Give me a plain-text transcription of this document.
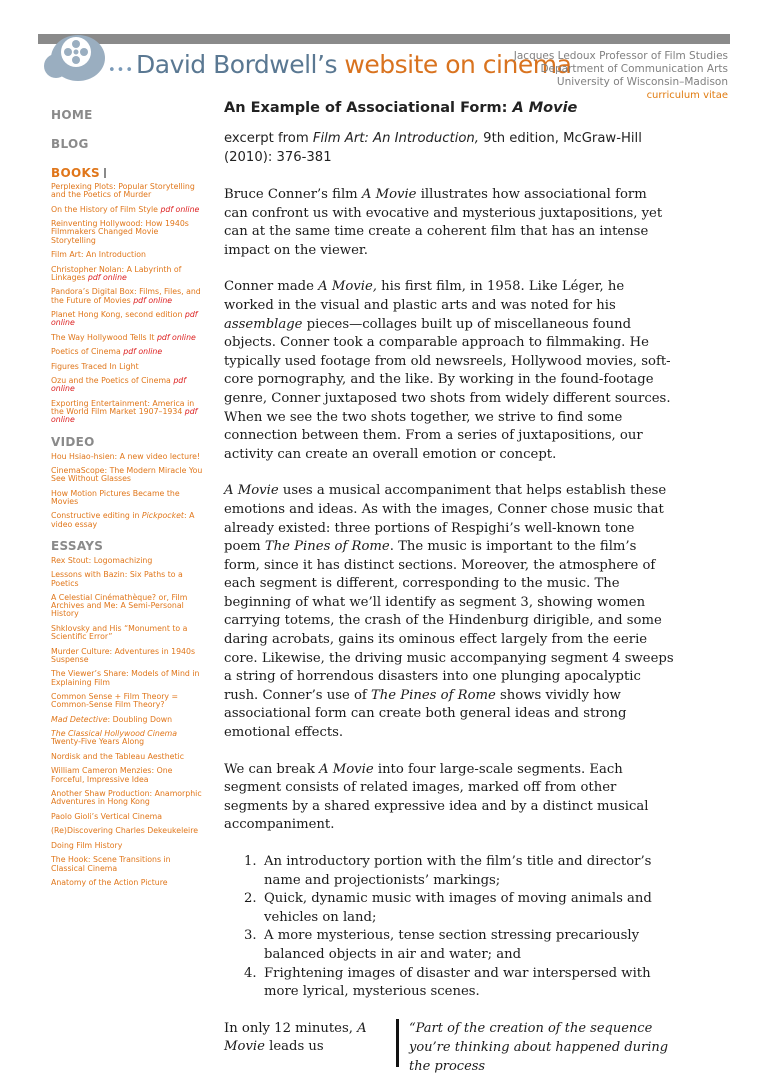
••• David Bordwell’s website on cinema
Jacques Ledoux Professor of Film Studies
Department of Communication Arts
University of Wisconsin–Madison
curriculum vitae
HOME
BLOG
BOOKS
Perplexing Plots: Popular Storytelling and the Poetics of Murder
On the History of Film Style pdf online
Reinventing Hollywood: How 1940s Filmmakers Changed Movie Storytelling
Film Art: An Introduction
Christopher Nolan: A Labyrinth of Linkages pdf online
Pandora’s Digital Box: Films, Files, and the Future of Movies pdf online
Planet Hong Kong, second edition pdf online
The Way Hollywood Tells It pdf online
Poetics of Cinema pdf online
Figures Traced In Light
Ozu and the Poetics of Cinema pdf online
Exporting Entertainment: America in the World Film Market 1907–1934 pdf online
VIDEO
Hou Hsiao-hsien: A new video lecture!
CinemaScope: The Modern Miracle You See Without Glasses
How Motion Pictures Became the Movies
Constructive editing in Pickpocket: A video essay
ESSAYS
Rex Stout: Logomachizing
Lessons with Bazin: Six Paths to a Poetics
A Celestial Cinémathèque? or, Film Archives and Me: A Semi-Personal History
Shklovsky and His “Monument to a Scientific Error”
Murder Culture: Adventures in 1940s Suspense
The Viewer’s Share: Models of Mind in Explaining Film
Common Sense + Film Theory = Common-Sense Film Theory?
Mad Detective: Doubling Down
The Classical Hollywood Cinema Twenty-Five Years Along
Nordisk and the Tableau Aesthetic
William Cameron Menzies: One Forceful, Impressive Idea
Another Shaw Production: Anamorphic Adventures in Hong Kong
Paolo Gioli’s Vertical Cinema
(Re)Discovering Charles Dekeukeleire
Doing Film History
The Hook: Scene Transitions in Classical Cinema
Anatomy of the Action Picture
An Example of Associational Form: A Movie
excerpt from Film Art: An Introduction, 9th edition, McGraw-Hill (2010): 376-381

Bruce Conner’s film A Movie illustrates how associational form can confront us with evocative and mysterious juxtapositions, yet can at the same time create a coherent film that has an intense impact on the viewer.

Conner made A Movie, his first film, in 1958. Like Léger, he worked in the visual and plastic arts and was noted for his assemblage pieces—collages built up of miscellaneous found objects. Conner took a comparable approach to filmmaking. He typically used footage from old newsreels, Hollywood movies, soft-core pornography, and the like. By working in the found-footage genre, Conner juxtaposed two shots from widely different sources. When we see the two shots together, we strive to find some connection between them. From a series of juxtapositions, our activity can create an overall emotion or concept.

A Movie uses a musical accompaniment that helps establish these emotions and ideas. As with the images, Conner chose music that already existed: three portions of Respighi’s well-known tone poem The Pines of Rome. The music is important to the film’s form, since it has distinct sections. Moreover, the atmosphere of each segment is different, corresponding to the music. The beginning of what we’ll identify as segment 3, showing women carrying totems, the crash of the Hindenburg dirigible, and some daring acrobats, gains its ominous effect largely from the eerie core. Likewise, the driving music accompanying segment 4 sweeps a string of horrendous disasters into one plunging apocalyptic rush. Conner’s use of The Pines of Rome shows vividly how associational form can create both general ideas and strong emotional effects.

We can break A Movie into four large-scale segments. Each segment consists of related images, marked off from other segments by a shared expressive idea and by a distinct musical accompaniment.

1. An introductory portion with the film’s title and director’s name and projectionists’ markings;
2. Quick, dynamic music with images of moving animals and vehicles on land;
3. A more mysterious, tense section stressing precariously balanced objects in air and water; and
4. Frightening images of disaster and war interspersed with more lyrical, mysterious scenes.
In only 12 minutes, A Movie leads us
“Part of the creation of the sequence you’re thinking about happened during the process
